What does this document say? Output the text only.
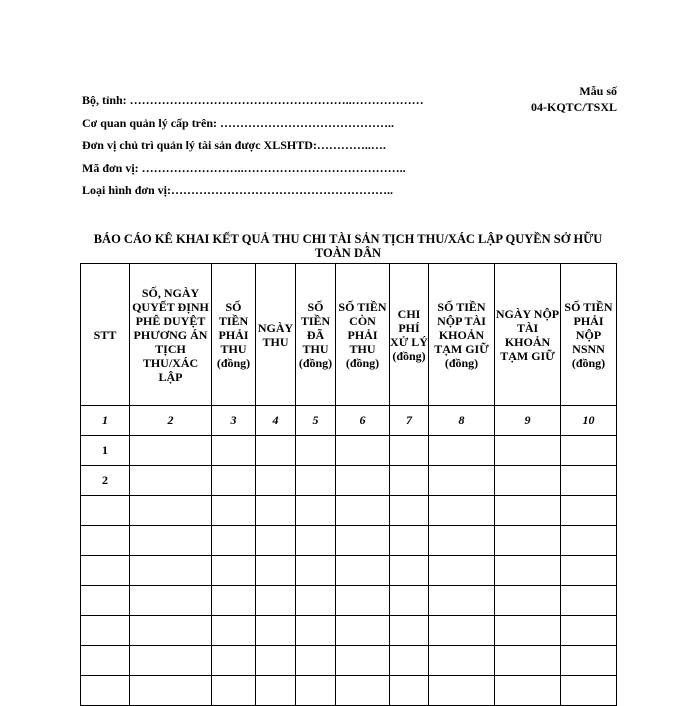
Mẫu số
04-KQTC/TSXL
Bộ, tỉnh: ………………………………………………..………………
Cơ quan quản lý cấp trên: ……………………………………..
Đơn vị chủ trì quản lý tài sản được XLSHTD:…………..….
Mã đơn vị: ……………………..…………………………………..
Loại hình đơn vị:………………………………………………..
BÁO CÁO KÊ KHAI KẾT QUẢ THU CHI TÀI SẢN TỊCH THU/XÁC LẬP QUYỀN SỞ HỮU TOÀN DÂN
STT	SỐ, NGÀY QUYẾT ĐỊNH PHÊ DUYỆT PHƯƠNG ÁN TỊCH THU/XÁC LẬP	SỐ TIỀN PHẢI THU (đồng)	NGÀY THU	SỐ TIỀN ĐÃ THU (đồng)	SỐ TIỀN CÒN PHẢI THU (đồng)	CHI PHÍ XỬ LÝ (đồng)	SỐ TIỀN NỘP TÀI KHOẢN TẠM GIỮ (đồng)	NGÀY NỘP TÀI KHOẢN TẠM GIỮ	SỐ TIỀN PHẢI NỘP NSNN (đồng)
1	2	3	4	5	6	7	8	9	10
1									
2									
